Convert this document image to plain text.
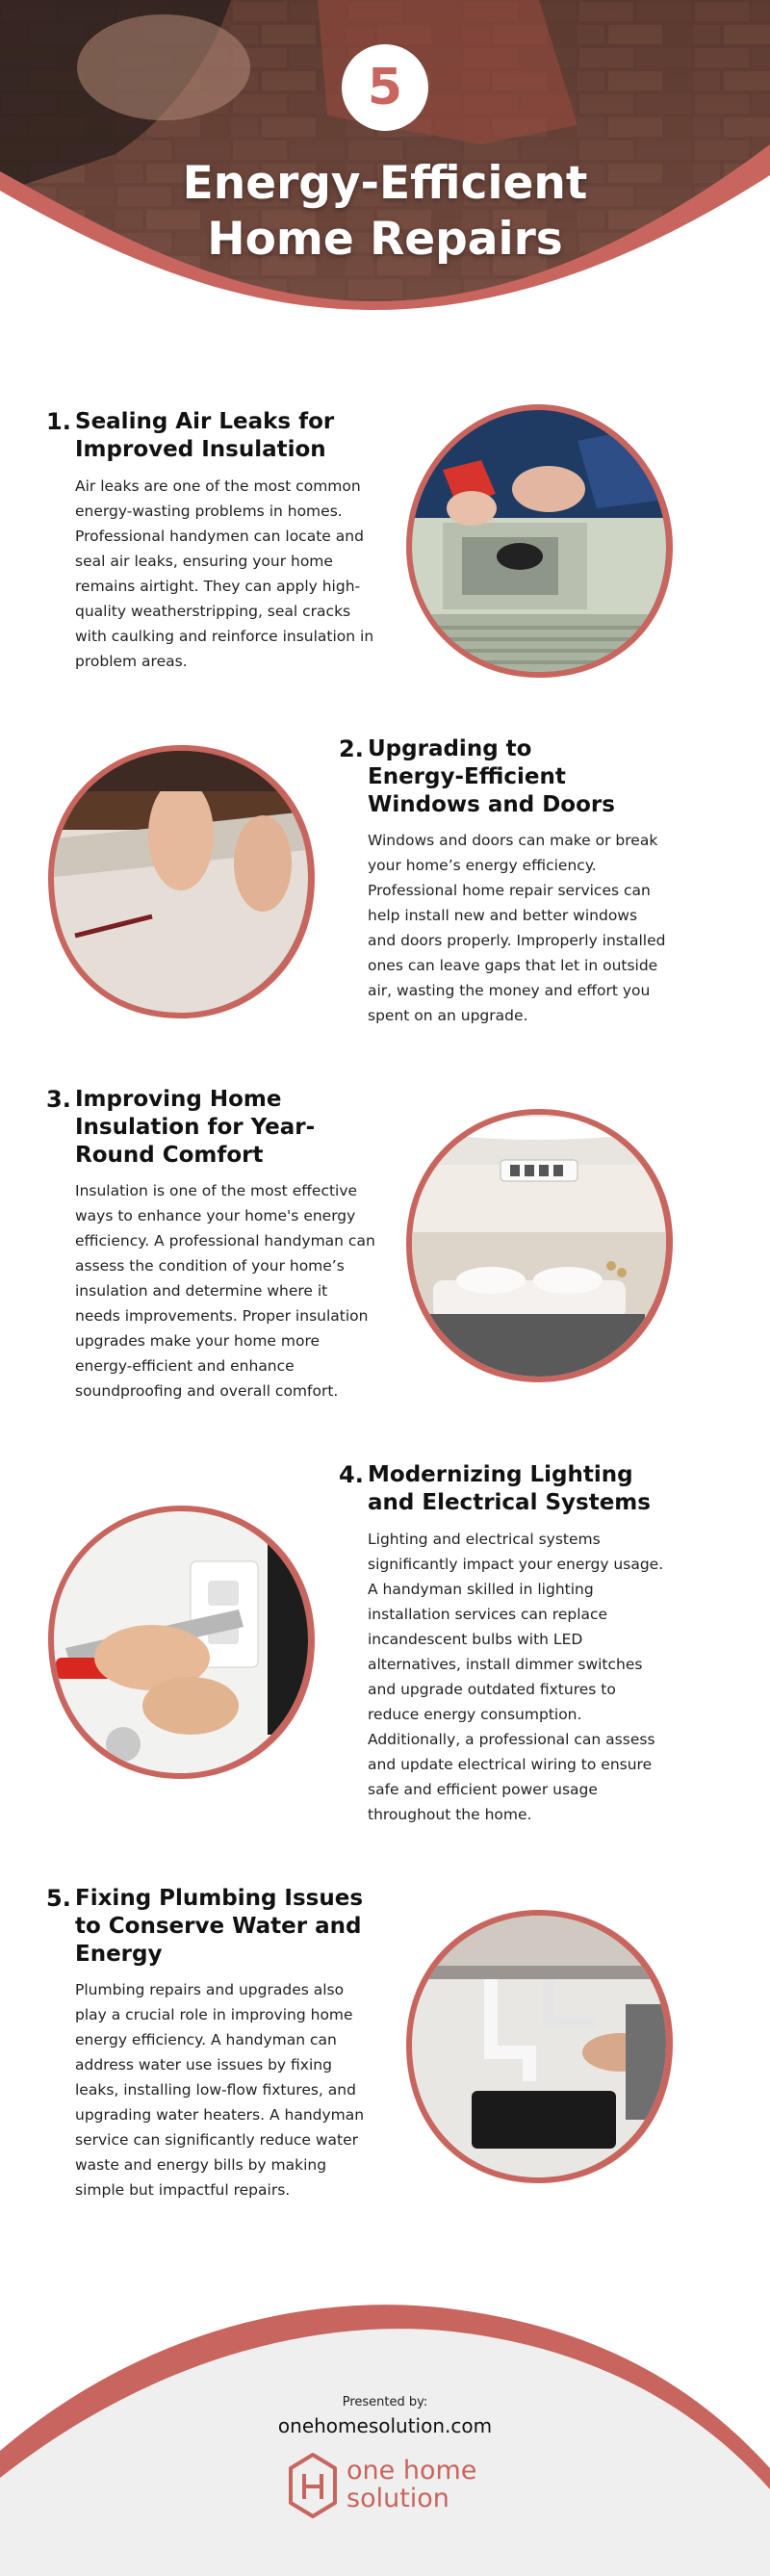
5
Energy-Efficient
Home Repairs
1. Sealing Air Leaks for Improved Insulation
Air leaks are one of the most common energy-wasting problems in homes. Professional handymen can locate and seal air leaks, ensuring your home remains airtight. They can apply high-quality weatherstripping, seal cracks with caulking and reinforce insulation in problem areas.
2. Upgrading to Energy-Efficient Windows and Doors
Windows and doors can make or break your home’s energy efficiency. Professional home repair services can help install new and better windows and doors properly. Improperly installed ones can leave gaps that let in outside air, wasting the money and effort you spent on an upgrade.
3. Improving Home Insulation for Year-Round Comfort
Insulation is one of the most effective ways to enhance your home's energy efficiency. A professional handyman can assess the condition of your home’s insulation and determine where it needs improvements. Proper insulation upgrades make your home more energy-efficient and enhance soundproofing and overall comfort.
4. Modernizing Lighting and Electrical Systems
Lighting and electrical systems significantly impact your energy usage. A handyman skilled in lighting installation services can replace incandescent bulbs with LED alternatives, install dimmer switches and upgrade outdated fixtures to reduce energy consumption. Additionally, a professional can assess and update electrical wiring to ensure safe and efficient power usage throughout the home.
5. Fixing Plumbing Issues to Conserve Water and Energy
Plumbing repairs and upgrades also play a crucial role in improving home energy efficiency. A handyman can address water use issues by fixing leaks, installing low-flow fixtures, and upgrading water heaters. A handyman service can significantly reduce water waste and energy bills by making simple but impactful repairs.
Presented by:
onehomesolution.com
one home
solution
